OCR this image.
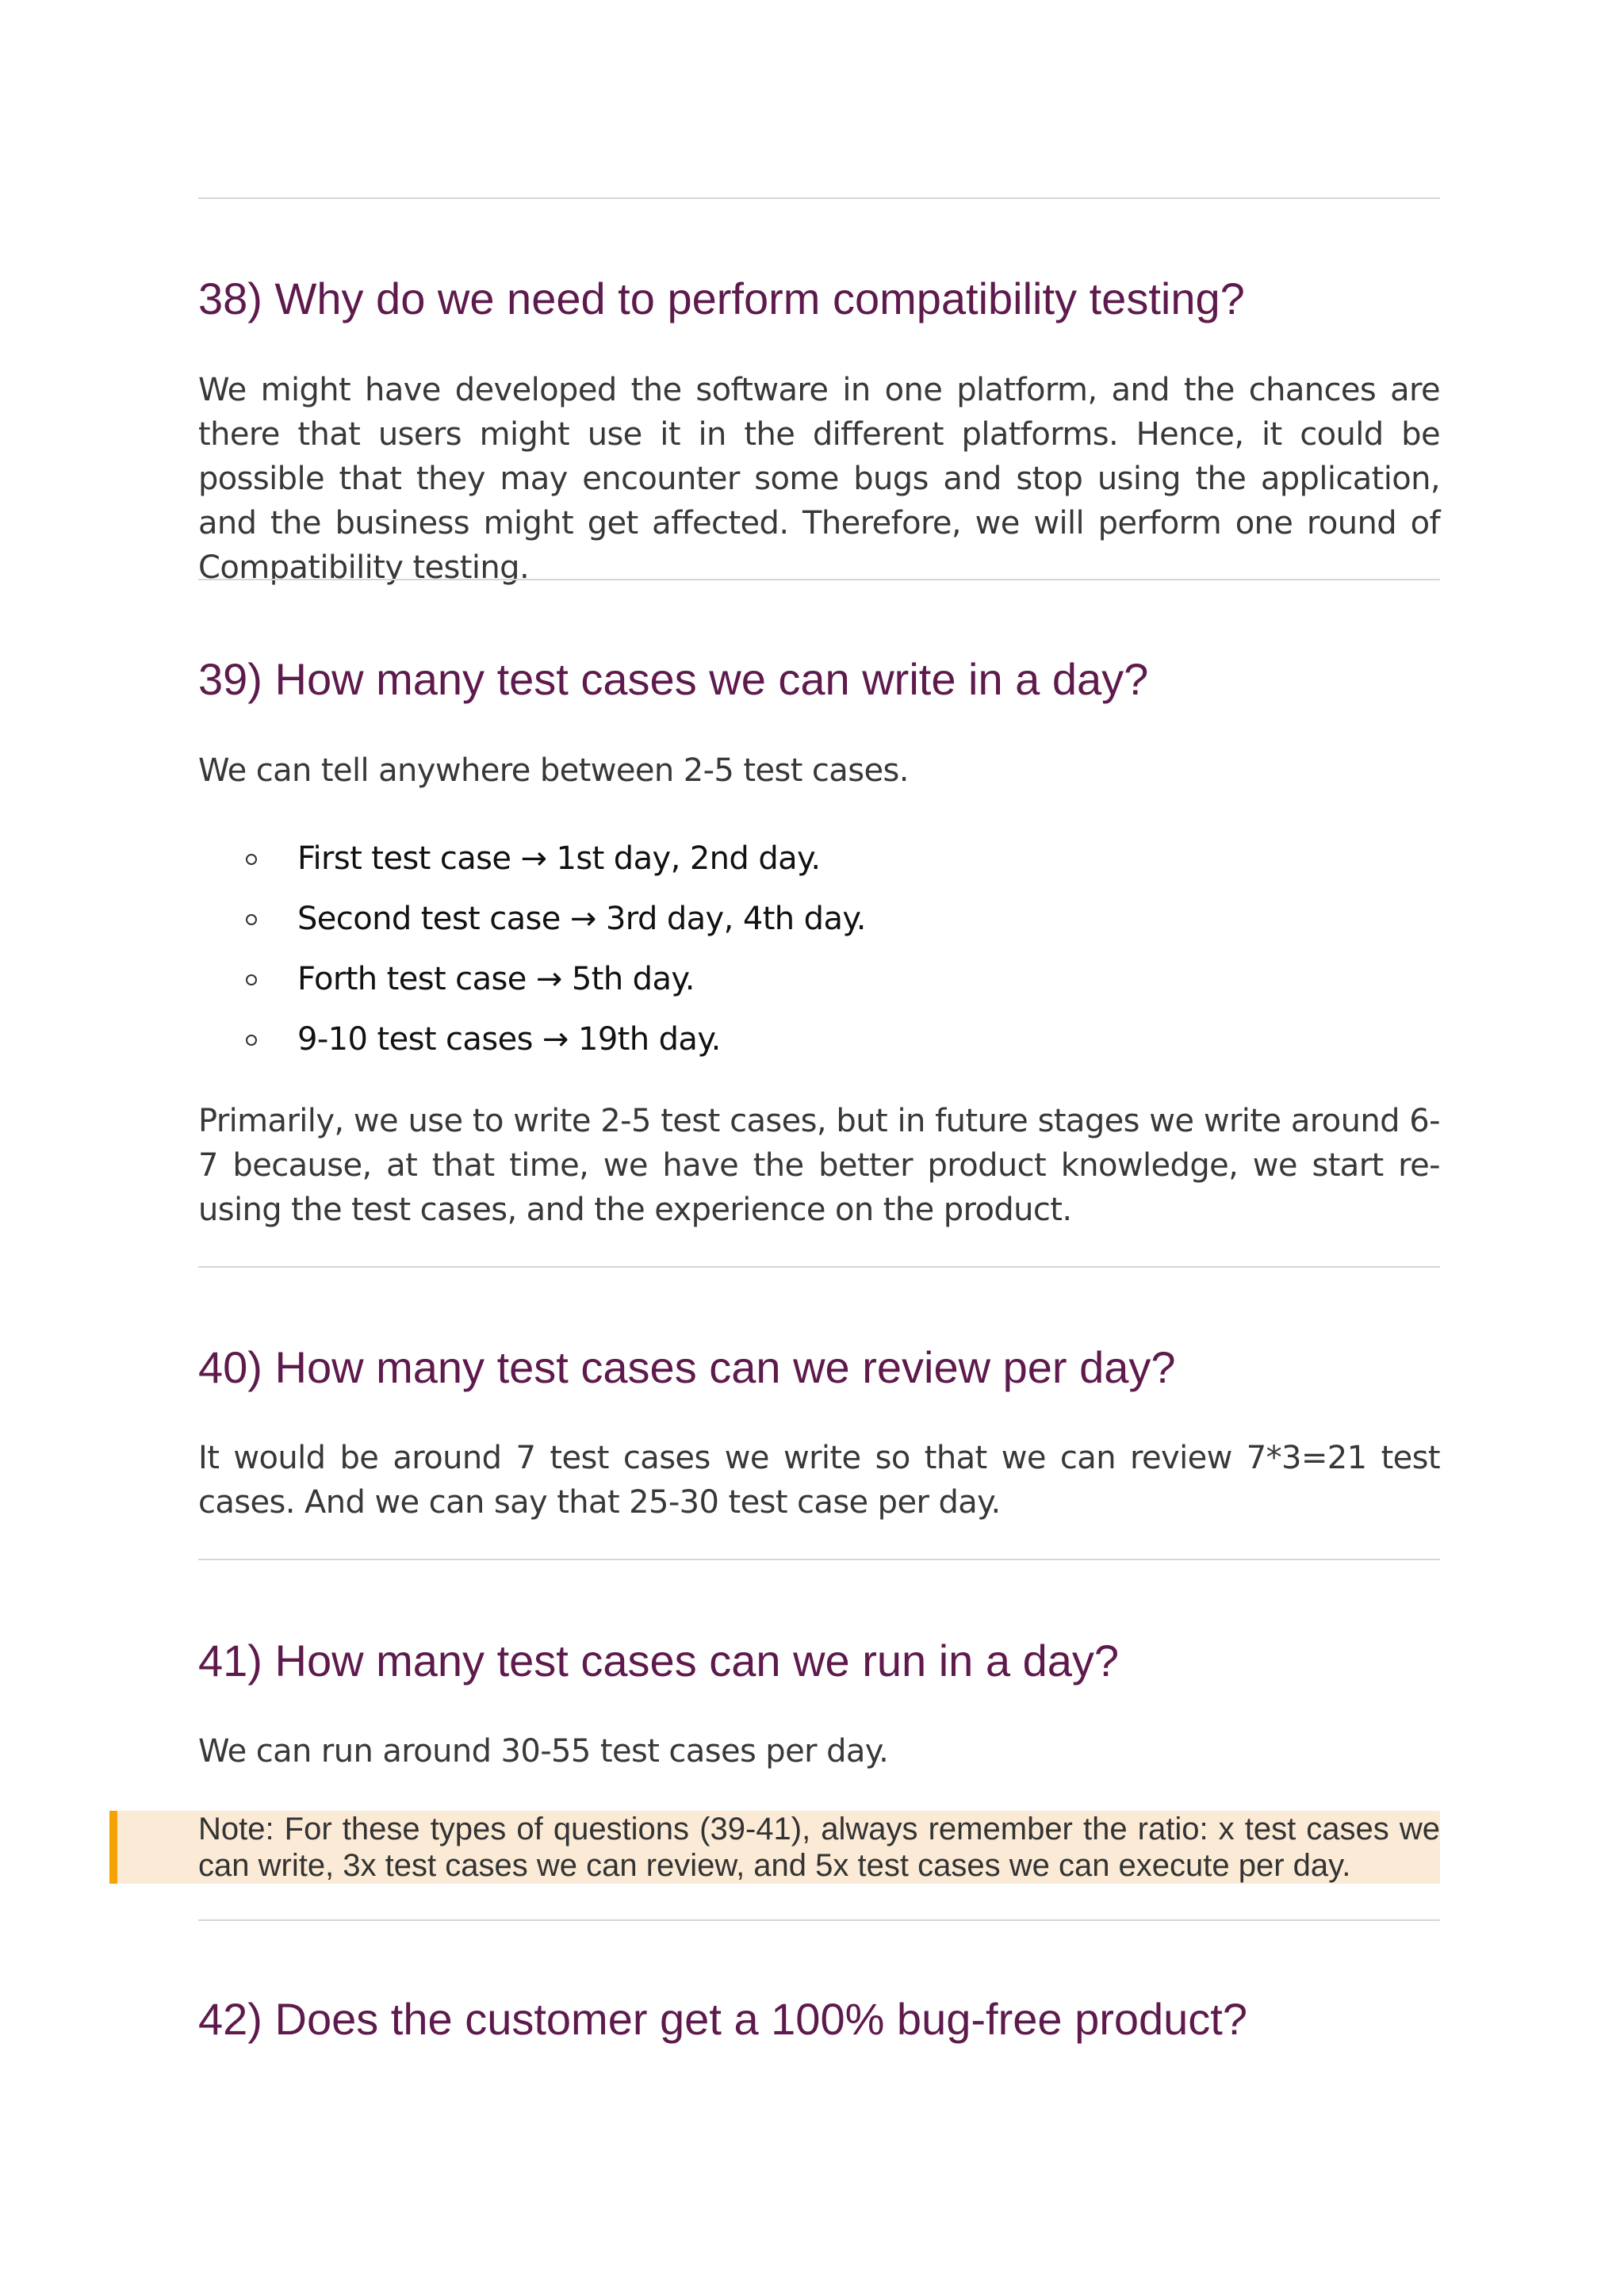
38) Why do we need to perform compatibility testing?

We might have developed the software in one platform, and the chances are there that users might use it in the different platforms. Hence, it could be possible that they may encounter some bugs and stop using the application, and the business might get affected. Therefore, we will perform one round of Compatibility testing.

39) How many test cases we can write in a day?

We can tell anywhere between 2-5 test cases.

First test case → 1st day, 2nd day.
Second test case → 3rd day, 4th day.
Forth test case → 5th day.
9-10 test cases → 19th day.

Primarily, we use to write 2-5 test cases, but in future stages we write around 6-7 because, at that time, we have the better product knowledge, we start re-using the test cases, and the experience on the product.

40) How many test cases can we review per day?

It would be around 7 test cases we write so that we can review 7*3=21 test cases. And we can say that 25-30 test case per day.

41) How many test cases can we run in a day?

We can run around 30-55 test cases per day.

Note: For these types of questions (39-41), always remember the ratio: x test cases we can write, 3x test cases we can review, and 5x test cases we can execute per day.
42) Does the customer get a 100% bug-free product?
